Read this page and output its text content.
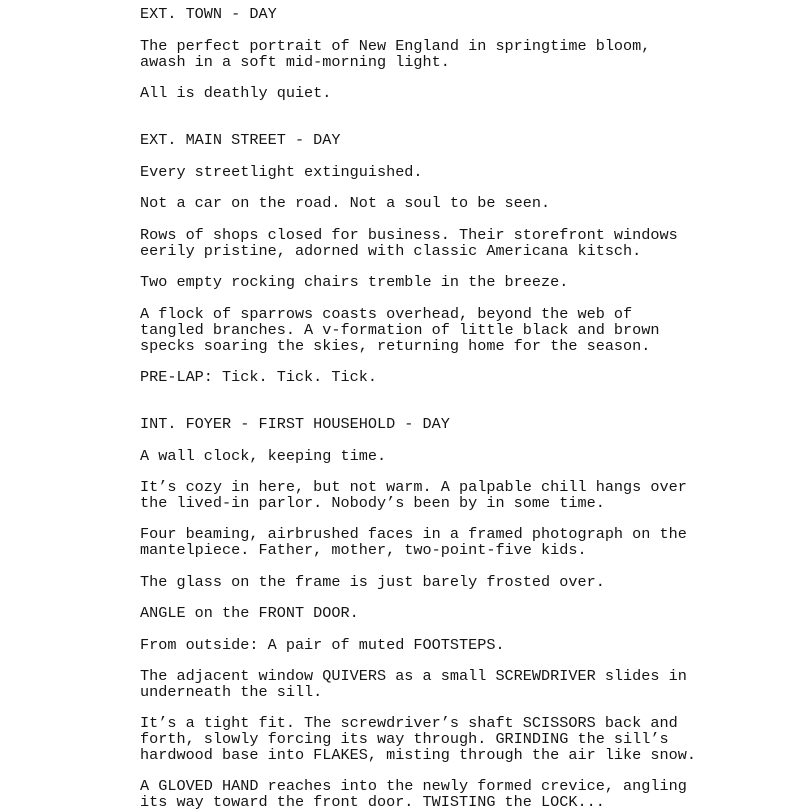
EXT. TOWN - DAY

The perfect portrait of New England in springtime bloom,

awash in a soft mid-morning light.

All is deathly quiet.

EXT. MAIN STREET - DAY

Every streetlight extinguished.

Not a car on the road. Not a soul to be seen.

Rows of shops closed for business. Their storefront windows

eerily pristine, adorned with classic Americana kitsch.

Two empty rocking chairs tremble in the breeze.

A flock of sparrows coasts overhead, beyond the web of

tangled branches. A v-formation of little black and brown

specks soaring the skies, returning home for the season.

PRE-LAP: Tick. Tick. Tick.

INT. FOYER - FIRST HOUSEHOLD - DAY

A wall clock, keeping time.

It’s cozy in here, but not warm. A palpable chill hangs over

the lived-in parlor. Nobody’s been by in some time.

Four beaming, airbrushed faces in a framed photograph on the

mantelpiece. Father, mother, two-point-five kids.

The glass on the frame is just barely frosted over.

ANGLE on the FRONT DOOR.

From outside: A pair of muted FOOTSTEPS.

The adjacent window QUIVERS as a small SCREWDRIVER slides in

underneath the sill.

It’s a tight fit. The screwdriver’s shaft SCISSORS back and

forth, slowly forcing its way through. GRINDING the sill’s

hardwood base into FLAKES, misting through the air like snow.

A GLOVED HAND reaches into the newly formed crevice, angling

its way toward the front door. TWISTING the LOCK...
